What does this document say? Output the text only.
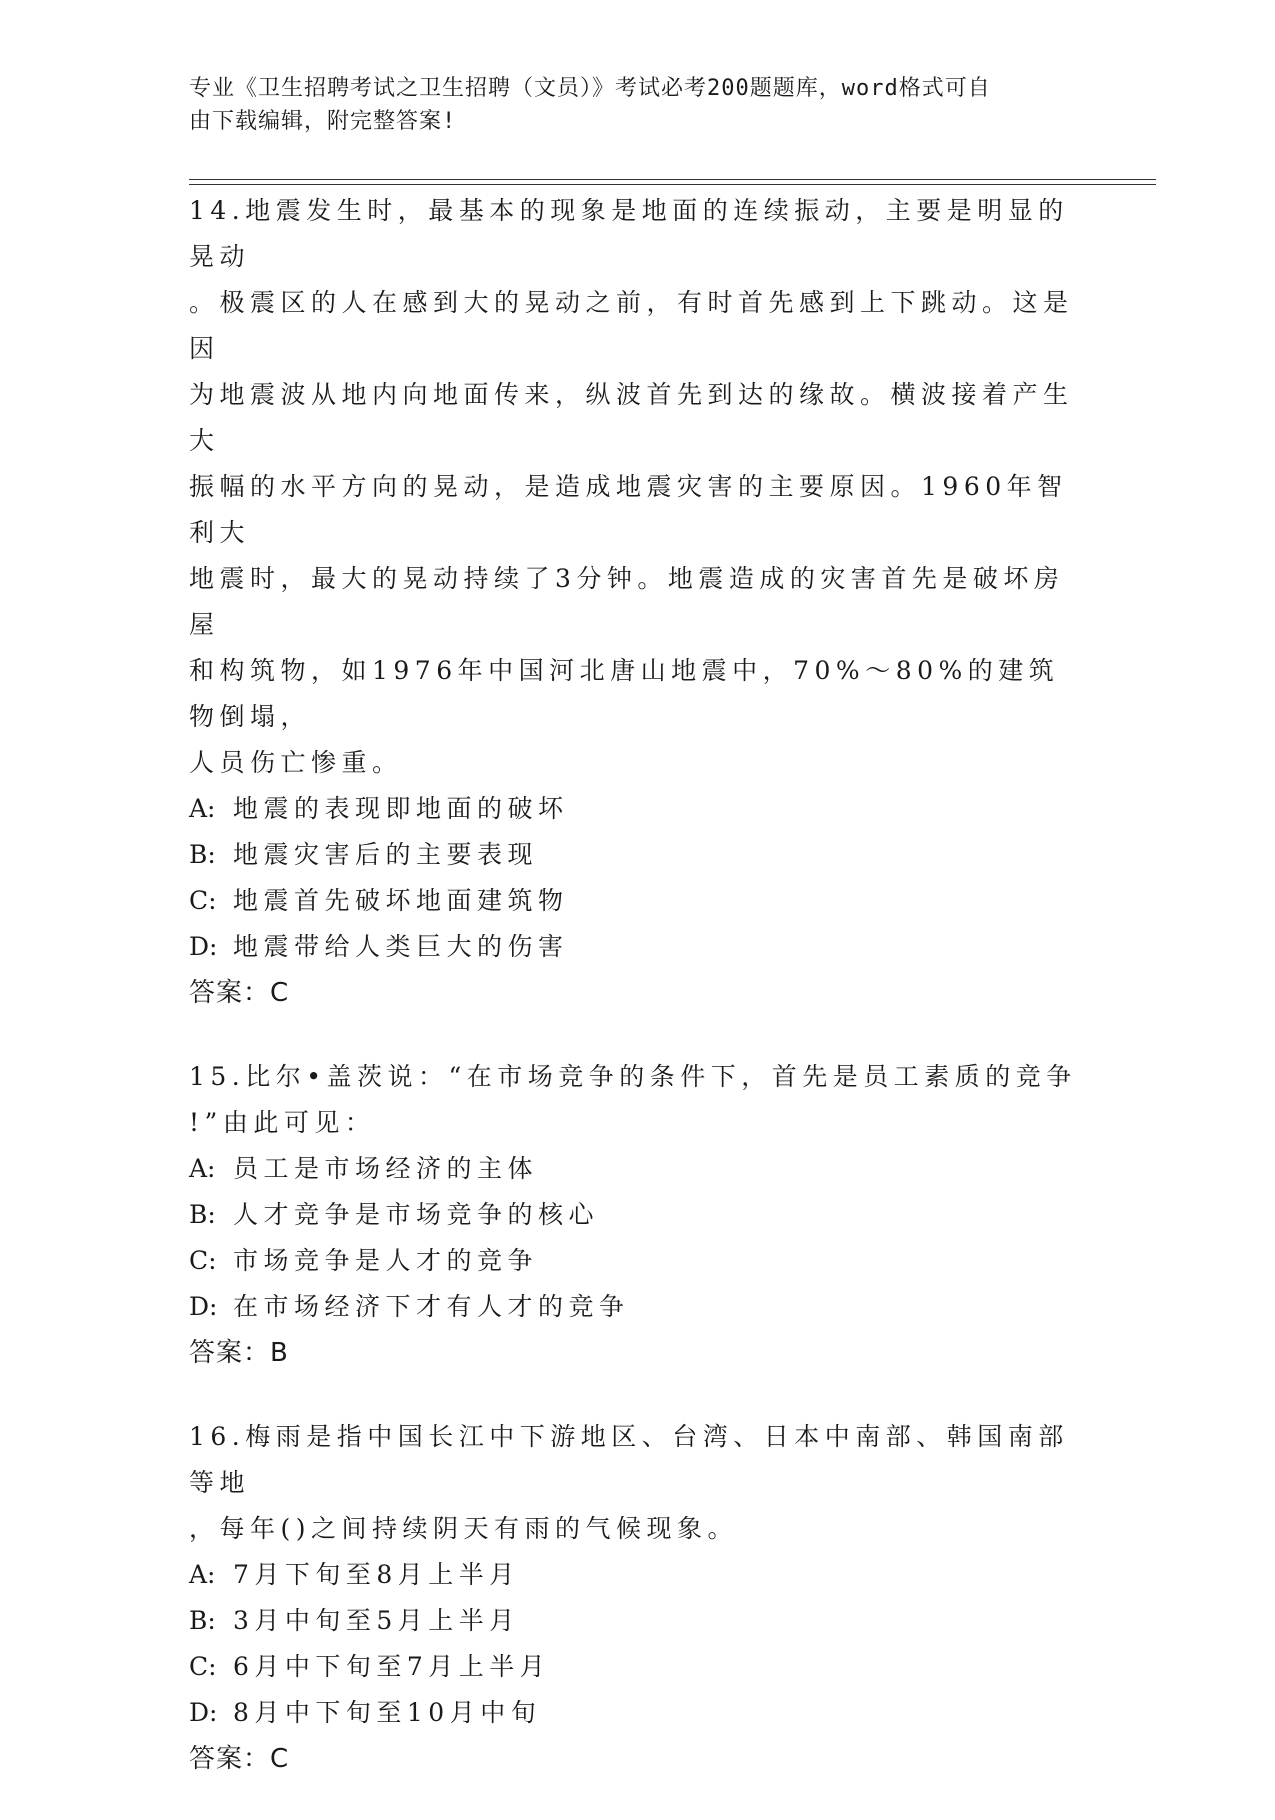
专业《卫生招聘考试之卫生招聘（文员）》考试必考200题题库，word格式可自
由下载编辑，附完整答案!

14.地震发生时，最基本的现象是地面的连续振动，主要是明显的晃动
。极震区的人在感到大的晃动之前，有时首先感到上下跳动。这是因
为地震波从地内向地面传来，纵波首先到达的缘故。横波接着产生大
振幅的水平方向的晃动，是造成地震灾害的主要原因。1960年智利大
地震时，最大的晃动持续了3分钟。地震造成的灾害首先是破坏房屋
和构筑物，如1976年中国河北唐山地震中，70%～80%的建筑物倒塌，
人员伤亡惨重。

A: 地震的表现即地面的破坏

B: 地震灾害后的主要表现

C: 地震首先破坏地面建筑物

D: 地震带给人类巨大的伤害

答案：C

15.比尔•盖茨说：“在市场竞争的条件下，首先是员工素质的竞争
!”由此可见：

A: 员工是市场经济的主体

B: 人才竞争是市场竞争的核心

C: 市场竞争是人才的竞争

D: 在市场经济下才有人才的竞争

答案：B

16.梅雨是指中国长江中下游地区、台湾、日本中南部、韩国南部等地
，每年()之间持续阴天有雨的气候现象。

A: 7月下旬至8月上半月

B: 3月中旬至5月上半月

C: 6月中下旬至7月上半月

D: 8月中下旬至10月中旬

答案：C
